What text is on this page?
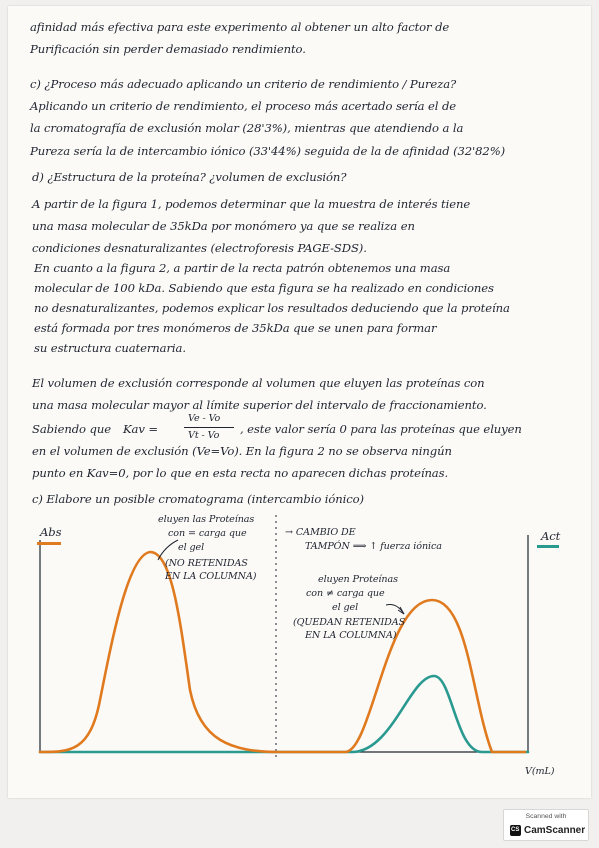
afinidad más efectiva para este experimento al obtener un alto factor de
Purificación sin perder demasiado rendimiento.
c) ¿Proceso más adecuado aplicando un criterio de rendimiento / Pureza?
Aplicando un criterio de rendimiento, el proceso más acertado sería el de
la cromatografía de exclusión molar (28'3%), mientras que atendiendo a la
Pureza sería la de intercambio iónico (33'44%) seguida de la de afinidad (32'82%)
d) ¿Estructura de la proteína? ¿volumen de exclusión?
A partir de la figura 1, podemos determinar que la muestra de interés tiene
una masa molecular de 35kDa por monómero ya que se realiza en
condiciones desnaturalizantes (electroforesis PAGE-SDS).
En cuanto a la figura 2, a partir de la recta patrón obtenemos una masa
molecular de 100 kDa. Sabiendo que esta figura se ha realizado en condiciones
no desnaturalizantes, podemos explicar los resultados deduciendo que la proteína
está formada por tres monómeros de 35kDa que se unen para formar
su estructura cuaternaria.
El volumen de exclusión corresponde al volumen que eluyen las proteínas con
una masa molecular mayor al límite superior del intervalo de fraccionamiento.
Sabiendo que Kav =
Ve - Vo
Vt - Vo , este valor sería 0 para las proteínas que eluyen
en el volumen de exclusión (Ve=Vo). En la figura 2 no se observa ningún
punto en Kav=0, por lo que en esta recta no aparecen dichas proteínas.
c) Elabore un posible cromatograma (intercambio iónico)
Abs	Act
V(mL)
eluyen las Proteínas
con = carga que
el gel
(NO RETENIDAS
EN LA COLUMNA)
→ CAMBIO DE
TAMPÓN ⟹ ↑ fuerza iónica
eluyen Proteínas
con ≠ carga que
el gel
(QUEDAN RETENIDAS
EN LA COLUMNA)
Scanned with
CS
CamScanner
